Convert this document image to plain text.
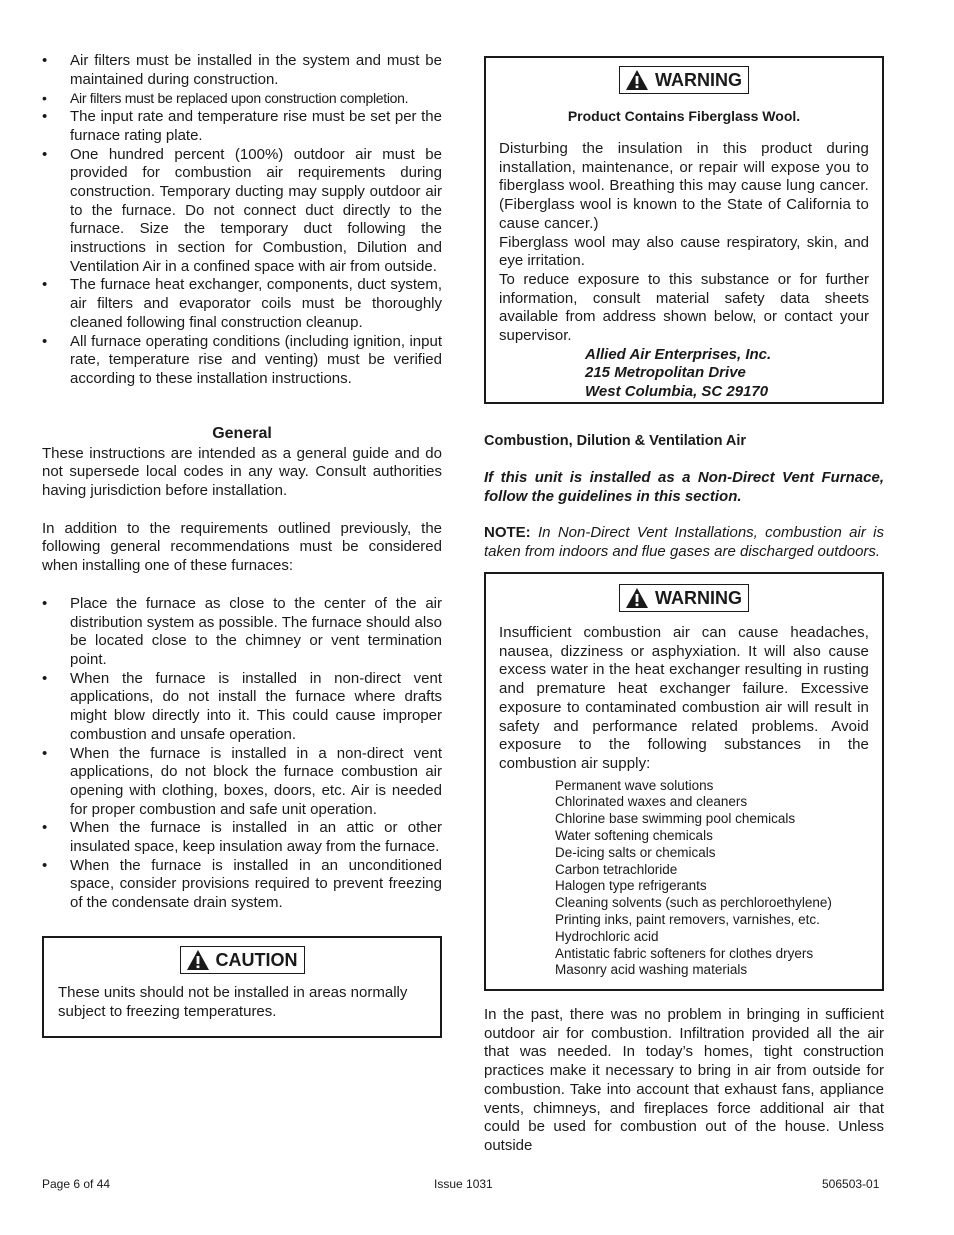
• Air filters must be installed in the system and must be maintained during construction.
• Air filters must be replaced upon construction completion.
• The input rate and temperature rise must be set per the furnace rating plate.
• One hundred percent (100%) outdoor air must be provided for combustion air requirements during construction. Temporary ducting may supply outdoor air to the furnace. Do not connect duct directly to the furnace. Size the temporary duct following the instructions in section for Combustion, Dilution and Ventilation Air in a confined space with air from outside.
• The furnace heat exchanger, components, duct system, air filters and evaporator coils must be thoroughly cleaned following final construction cleanup.
• All furnace operating conditions (including ignition, input rate, temperature rise and venting) must be verified according to these installation instructions.
General

These instructions are intended as a general guide and do not supersede local codes in any way. Consult authorities having jurisdiction before installation.

In addition to the requirements outlined previously, the following general recommendations must be considered when installing one of these furnaces:

• Place the furnace as close to the center of the air distribution system as possible. The furnace should also be located close to the chimney or vent termination point.
• When the furnace is installed in non-direct vent applications, do not install the furnace where drafts might blow directly into it. This could cause improper combustion and unsafe operation.
• When the furnace is installed in a non-direct vent applications, do not block the furnace combustion air opening with clothing, boxes, doors, etc. Air is needed for proper combustion and safe unit operation.
• When the furnace is installed in an attic or other insulated space, keep insulation away from the furnace.
• When the furnace is installed in an unconditioned space, consider provisions required to prevent freezing of the condensate drain system.
CAUTION

These units should not be installed in areas normally subject to freezing temperatures.

WARNING
Product Contains Fiberglass Wool.

Disturbing the insulation in this product during installation, maintenance, or repair will expose you to fiberglass wool. Breathing this may cause lung cancer. (Fiberglass wool is known to the State of California to cause cancer.)

Fiberglass wool may also cause respiratory, skin, and eye irritation.

To reduce exposure to this substance or for further information, consult material safety data sheets available from address shown below, or contact your supervisor.

Allied Air Enterprises, Inc.
215 Metropolitan Drive
West Columbia, SC 29170
Combustion, Dilution & Ventilation Air

If this unit is installed as a Non-Direct Vent Furnace, follow the guidelines in this section.

NOTE: In Non-Direct Vent Installations, combustion air is taken from indoors and flue gases are discharged outdoors.

WARNING

Insufficient combustion air can cause headaches, nausea, dizziness or asphyxiation. It will also cause excess water in the heat exchanger resulting in rusting and premature heat exchanger failure. Excessive exposure to contaminated combustion air will result in safety and performance related problems. Avoid exposure to the following substances in the combustion air supply:

Permanent wave solutions
Chlorinated waxes and cleaners
Chlorine base swimming pool chemicals
Water softening chemicals
De-icing salts or chemicals
Carbon tetrachloride
Halogen type refrigerants
Cleaning solvents (such as perchloroethylene)
Printing inks, paint removers, varnishes, etc.
Hydrochloric acid
Antistatic fabric softeners for clothes dryers
Masonry acid washing materials

In the past, there was no problem in bringing in sufficient outdoor air for combustion. Infiltration provided all the air that was needed. In today’s homes, tight construction practices make it necessary to bring in air from outside for combustion. Take into account that exhaust fans, appliance vents, chimneys, and fireplaces force additional air that could be used for combustion out of the house. Unless outside

Page 6 of 44	Issue 1031	506503-01
